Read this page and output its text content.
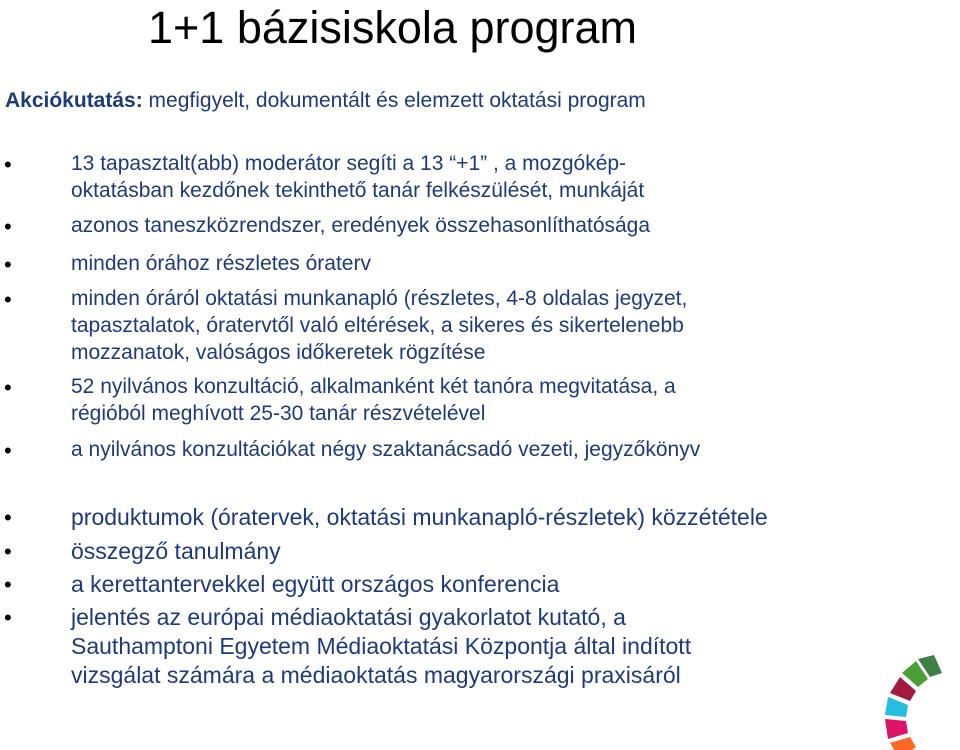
1+1 bázisiskola program
Akciókutatás: megfigyelt, dokumentált és elemzett oktatási program
•	13 tapasztalt(abb) moderátor segíti a 13 “+1” , a mozgókép-
oktatásban kezdőnek tekinthető tanár felkészülését, munkáját
•	azonos taneszközrendszer, eredények összehasonlíthatósága
•	minden órához részletes óraterv
•	minden óráról oktatási munkanapló (részletes, 4-8 oldalas jegyzet,
tapasztalatok, óratervtől való eltérések, a sikeres és sikertelenebb
mozzanatok, valóságos időkeretek rögzítése
•	52 nyilvános konzultáció, alkalmanként két tanóra megvitatása, a
régióból meghívott 25-30 tanár részvételével
•	a nyilvános konzultációkat négy szaktanácsadó vezeti, jegyzőkönyv
•	produktumok (óratervek, oktatási munkanapló-részletek) közzététele
•	összegző tanulmány
•	a kerettantervekkel együtt országos konferencia
•	jelentés az európai médiaoktatási gyakorlatot kutató, a
Sauthamptoni Egyetem Médiaoktatási Központja által indított
vizsgálat számára a médiaoktatás magyarországi praxisáról
